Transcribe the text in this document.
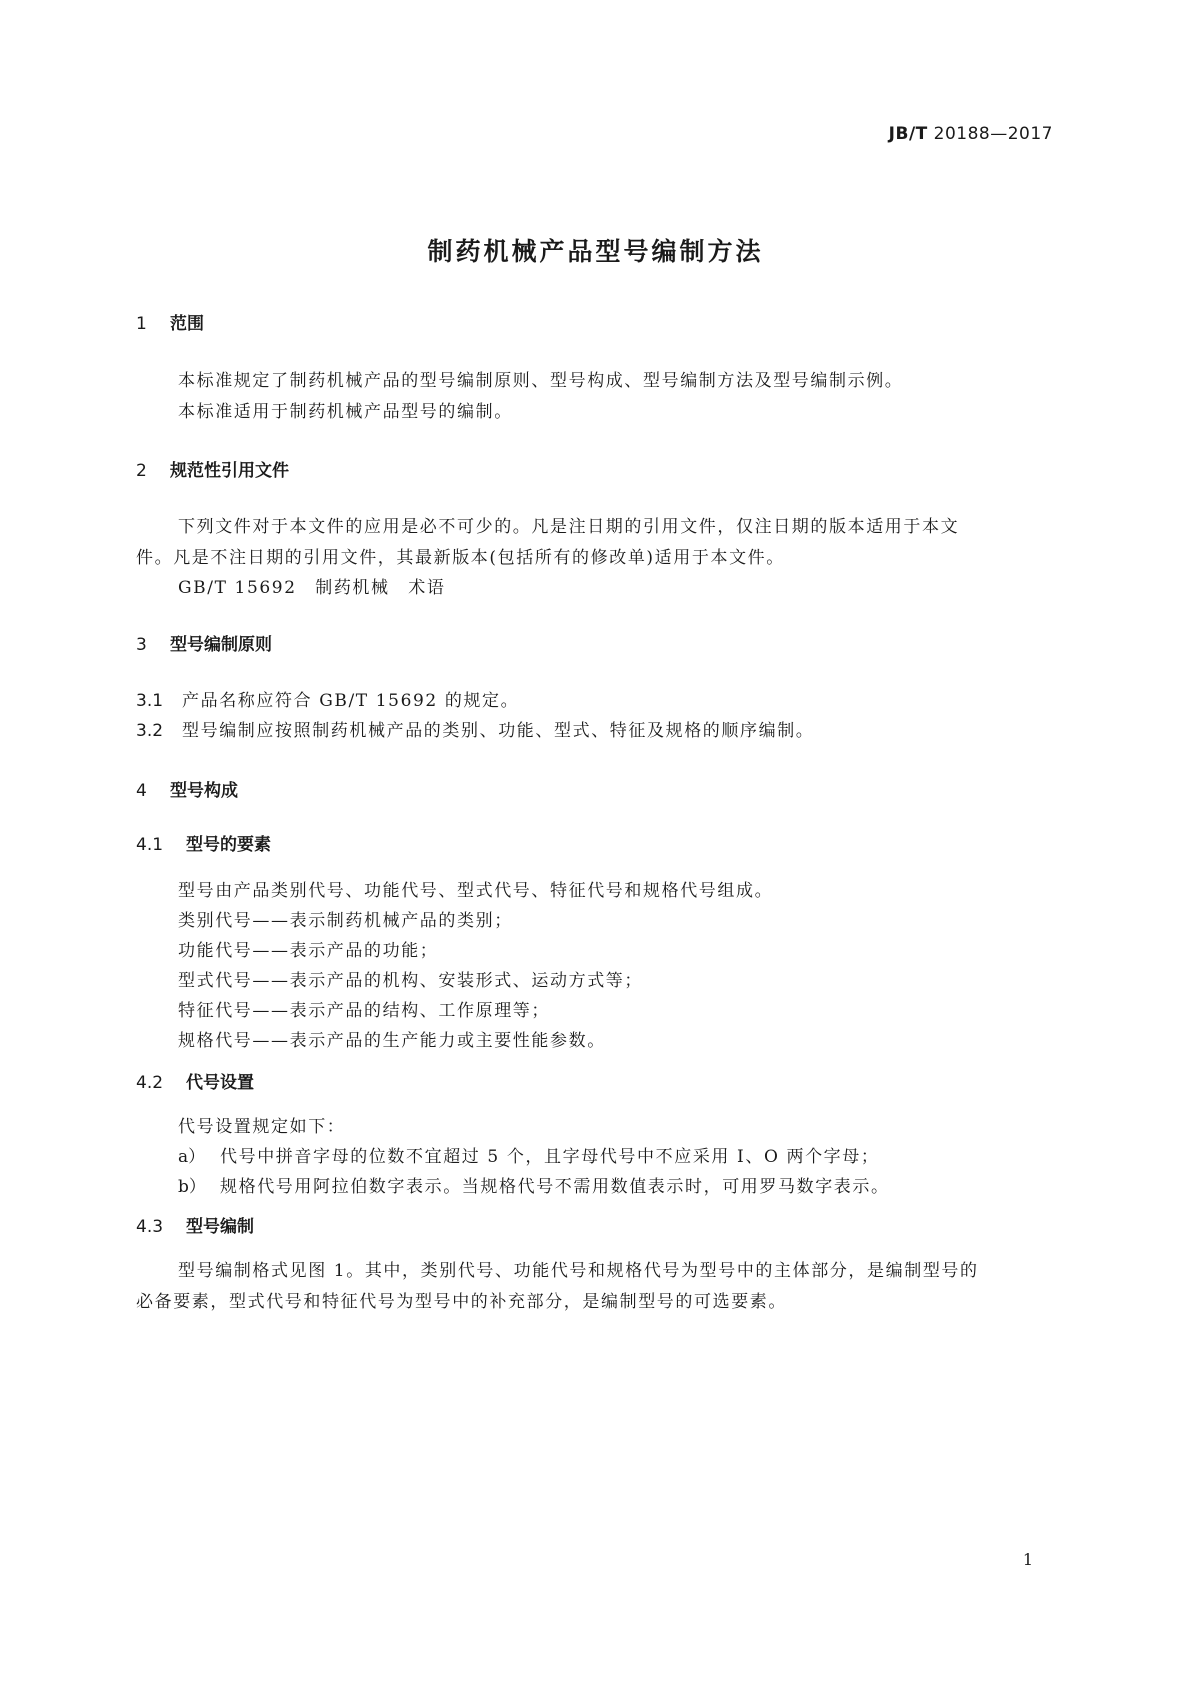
JB/T 20188—2017
制药机械产品型号编制方法
1 范围
本标准规定了制药机械产品的型号编制原则、型号构成、型号编制方法及型号编制示例。
本标准适用于制药机械产品型号的编制。
2 规范性引用文件
下列文件对于本文件的应用是必不可少的。凡是注日期的引用文件，仅注日期的版本适用于本文
件。凡是不注日期的引用文件，其最新版本(包括所有的修改单)适用于本文件。
GB/T 15692　制药机械　术语
3 型号编制原则
3.1 产品名称应符合 GB/T 15692 的规定。
3.2 型号编制应按照制药机械产品的类别、功能、型式、特征及规格的顺序编制。
4 型号构成
4.1 型号的要素
型号由产品类别代号、功能代号、型式代号、特征代号和规格代号组成。
类别代号——表示制药机械产品的类别；
功能代号——表示产品的功能；
型式代号——表示产品的机构、安装形式、运动方式等；
特征代号——表示产品的结构、工作原理等；
规格代号——表示产品的生产能力或主要性能参数。
4.2 代号设置
代号设置规定如下：
a） 代号中拼音字母的位数不宜超过 5 个，且字母代号中不应采用 I、O 两个字母；
b） 规格代号用阿拉伯数字表示。当规格代号不需用数值表示时，可用罗马数字表示。
4.3 型号编制
型号编制格式见图 1。其中，类别代号、功能代号和规格代号为型号中的主体部分，是编制型号的
必备要素，型式代号和特征代号为型号中的补充部分，是编制型号的可选要素。
1
